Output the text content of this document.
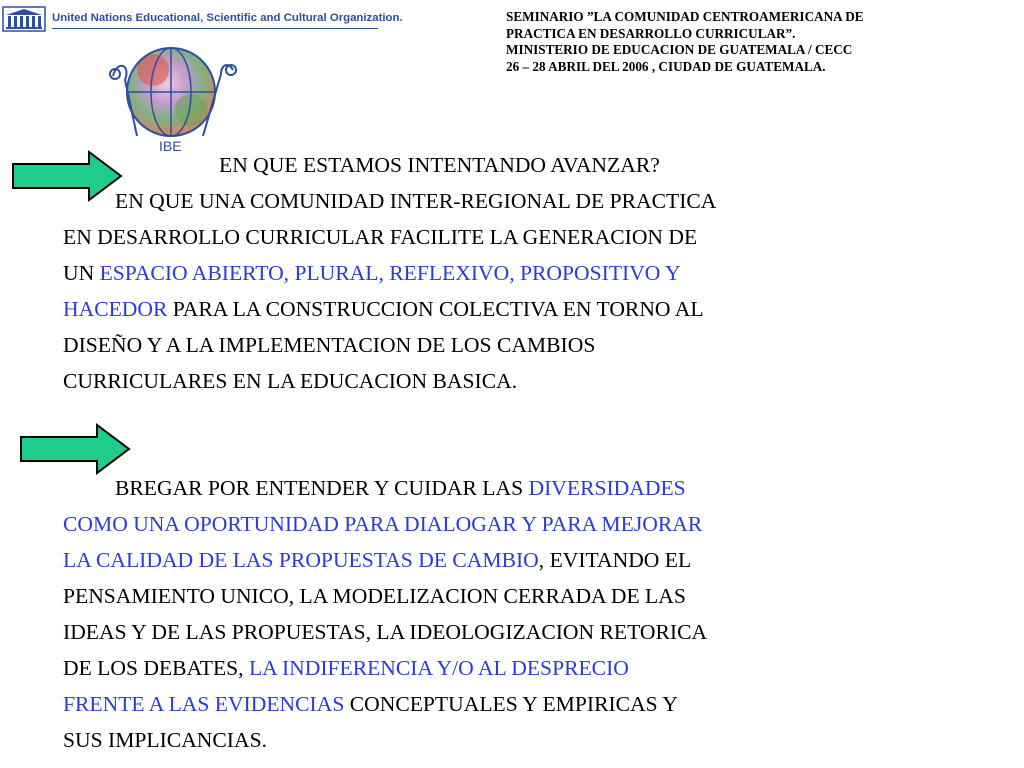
United Nations Educational, Scientific and Cultural Organization.
IBE
SEMINARIO ”LA COMUNIDAD CENTROAMERICANA DE
PRACTICA EN DESARROLLO CURRICULAR”.
MINISTERIO DE EDUCACION DE GUATEMALA / CECC
26 – 28 ABRIL DEL 2006 , CIUDAD DE GUATEMALA.
EN QUE ESTAMOS INTENTANDO AVANZAR?
EN QUE UNA COMUNIDAD INTER-REGIONAL DE PRACTICA
EN DESARROLLO CURRICULAR FACILITE LA GENERACION DE
UN ESPACIO ABIERTO, PLURAL, REFLEXIVO, PROPOSITIVO Y
HACEDOR PARA LA CONSTRUCCION COLECTIVA EN TORNO AL
DISEÑO Y A LA IMPLEMENTACION DE LOS CAMBIOS
CURRICULARES EN LA EDUCACION BASICA.
BREGAR POR ENTENDER Y CUIDAR LAS DIVERSIDADES
COMO UNA OPORTUNIDAD PARA DIALOGAR Y PARA MEJORAR
LA CALIDAD DE LAS PROPUESTAS DE CAMBIO, EVITANDO EL
PENSAMIENTO UNICO, LA MODELIZACION CERRADA DE LAS
IDEAS Y DE LAS PROPUESTAS, LA IDEOLOGIZACION RETORICA
DE LOS DEBATES, LA INDIFERENCIA Y/O AL DESPRECIO
FRENTE A LAS EVIDENCIAS CONCEPTUALES Y EMPIRICAS Y
SUS IMPLICANCIAS.
